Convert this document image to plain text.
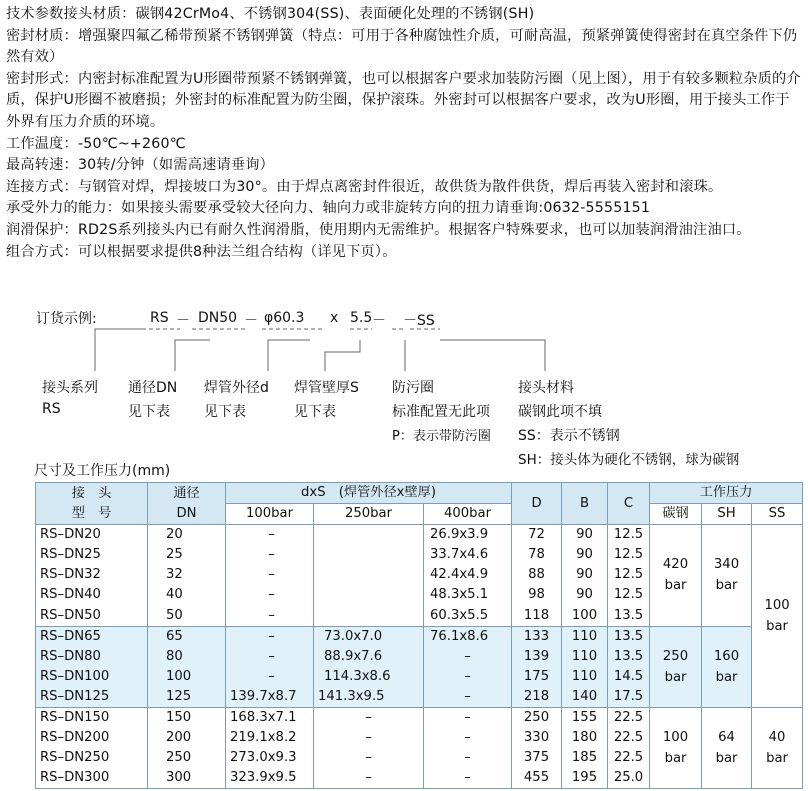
技术参数接头材质：碳钢42CrMo4、不锈钢304(SS)、表面硬化处理的不锈钢(SH)

密封材质：增强聚四氟乙稀带预紧不锈钢弹簧（特点：可用于各种腐蚀性介质，可耐高温，预紧弹簧使得密封在真空条件下仍然有效）

密封形式：内密封标准配置为U形圈带预紧不锈钢弹簧，也可以根据客户要求加装防污圈（见上图），用于有较多颗粒杂质的介质，保护U形圈不被磨损；外密封的标准配置为防尘圈，保护滚珠。外密封可以根据客户要求，改为U形圈，用于接头工作于外界有压力介质的环境。

工作温度：-50℃~+260℃

最高转速：30转/分钟（如需高速请垂询）

连接方式：与钢管对焊，焊接坡口为30°。由于焊点离密封件很近，故供货为散件供货，焊后再装入密封和滚珠。

承受外力的能力：如果接头需要承受较大径向力、轴向力或非旋转方向的扭力请垂询:0632-5555151

润滑保护：RD2S系列接头内已有耐久性润滑脂，使用期内无需维护。根据客户特殊要求，也可以加装润滑油注油口。

组合方式：可以根据要求提供8种法兰组合结构（详见下页）。

订货示例:	RS － DN50 － φ60.3 x 5.5 － －SS
接头系列
RS
通径DN
见下表
焊管外径d
见下表
焊管壁厚S
见下表
防污圈
标准配置无此项
P：表示带防污圈
接头材料
碳钢此项不填
SS：表示不锈钢
SH：接头体为硬化不锈钢，球为碳钢
尺寸及工作压力(mm)
接　头
型　号	通径
DN	dxS　(焊管外径x壁厚)			D	B	C	工作压力		
		100bar	250bar	400bar				碳钢	SH	SS
RS–DN20	20	–		26.9x3.9	72	90	12.5	420
bar	340
bar	100
bar
RS–DN25	25	–		33.7x4.6	78	90	12.5			
RS–DN32	32	–		42.4x4.9	88	90	12.5			
RS–DN40	40	–		48.3x5.1	98	90	12.5			
RS–DN50	50	–		60.3x5.5	118	100	13.5			
RS–DN65	65	–	73.0x7.0	76.1x8.6	133	110	13.5	250
bar	160
bar	
RS–DN80	80	–	88.9x7.6	–	139	110	13.5			
RS–DN100	100	–	114.3x8.6	–	175	110	14.5			
RS–DN125	125	139.7x8.7	141.3x9.5	–	218	140	17.5			
RS–DN150	150	168.3x7.1	–	–	250	155	22.5	100
bar	64
bar	40
bar
RS–DN200	200	219.1x8.2	–	–	330	180	22.5			
RS–DN250	250	273.0x9.3	–	–	375	185	22.5			
RS–DN300	300	323.9x9.5	–	–	455	195	25.0			
